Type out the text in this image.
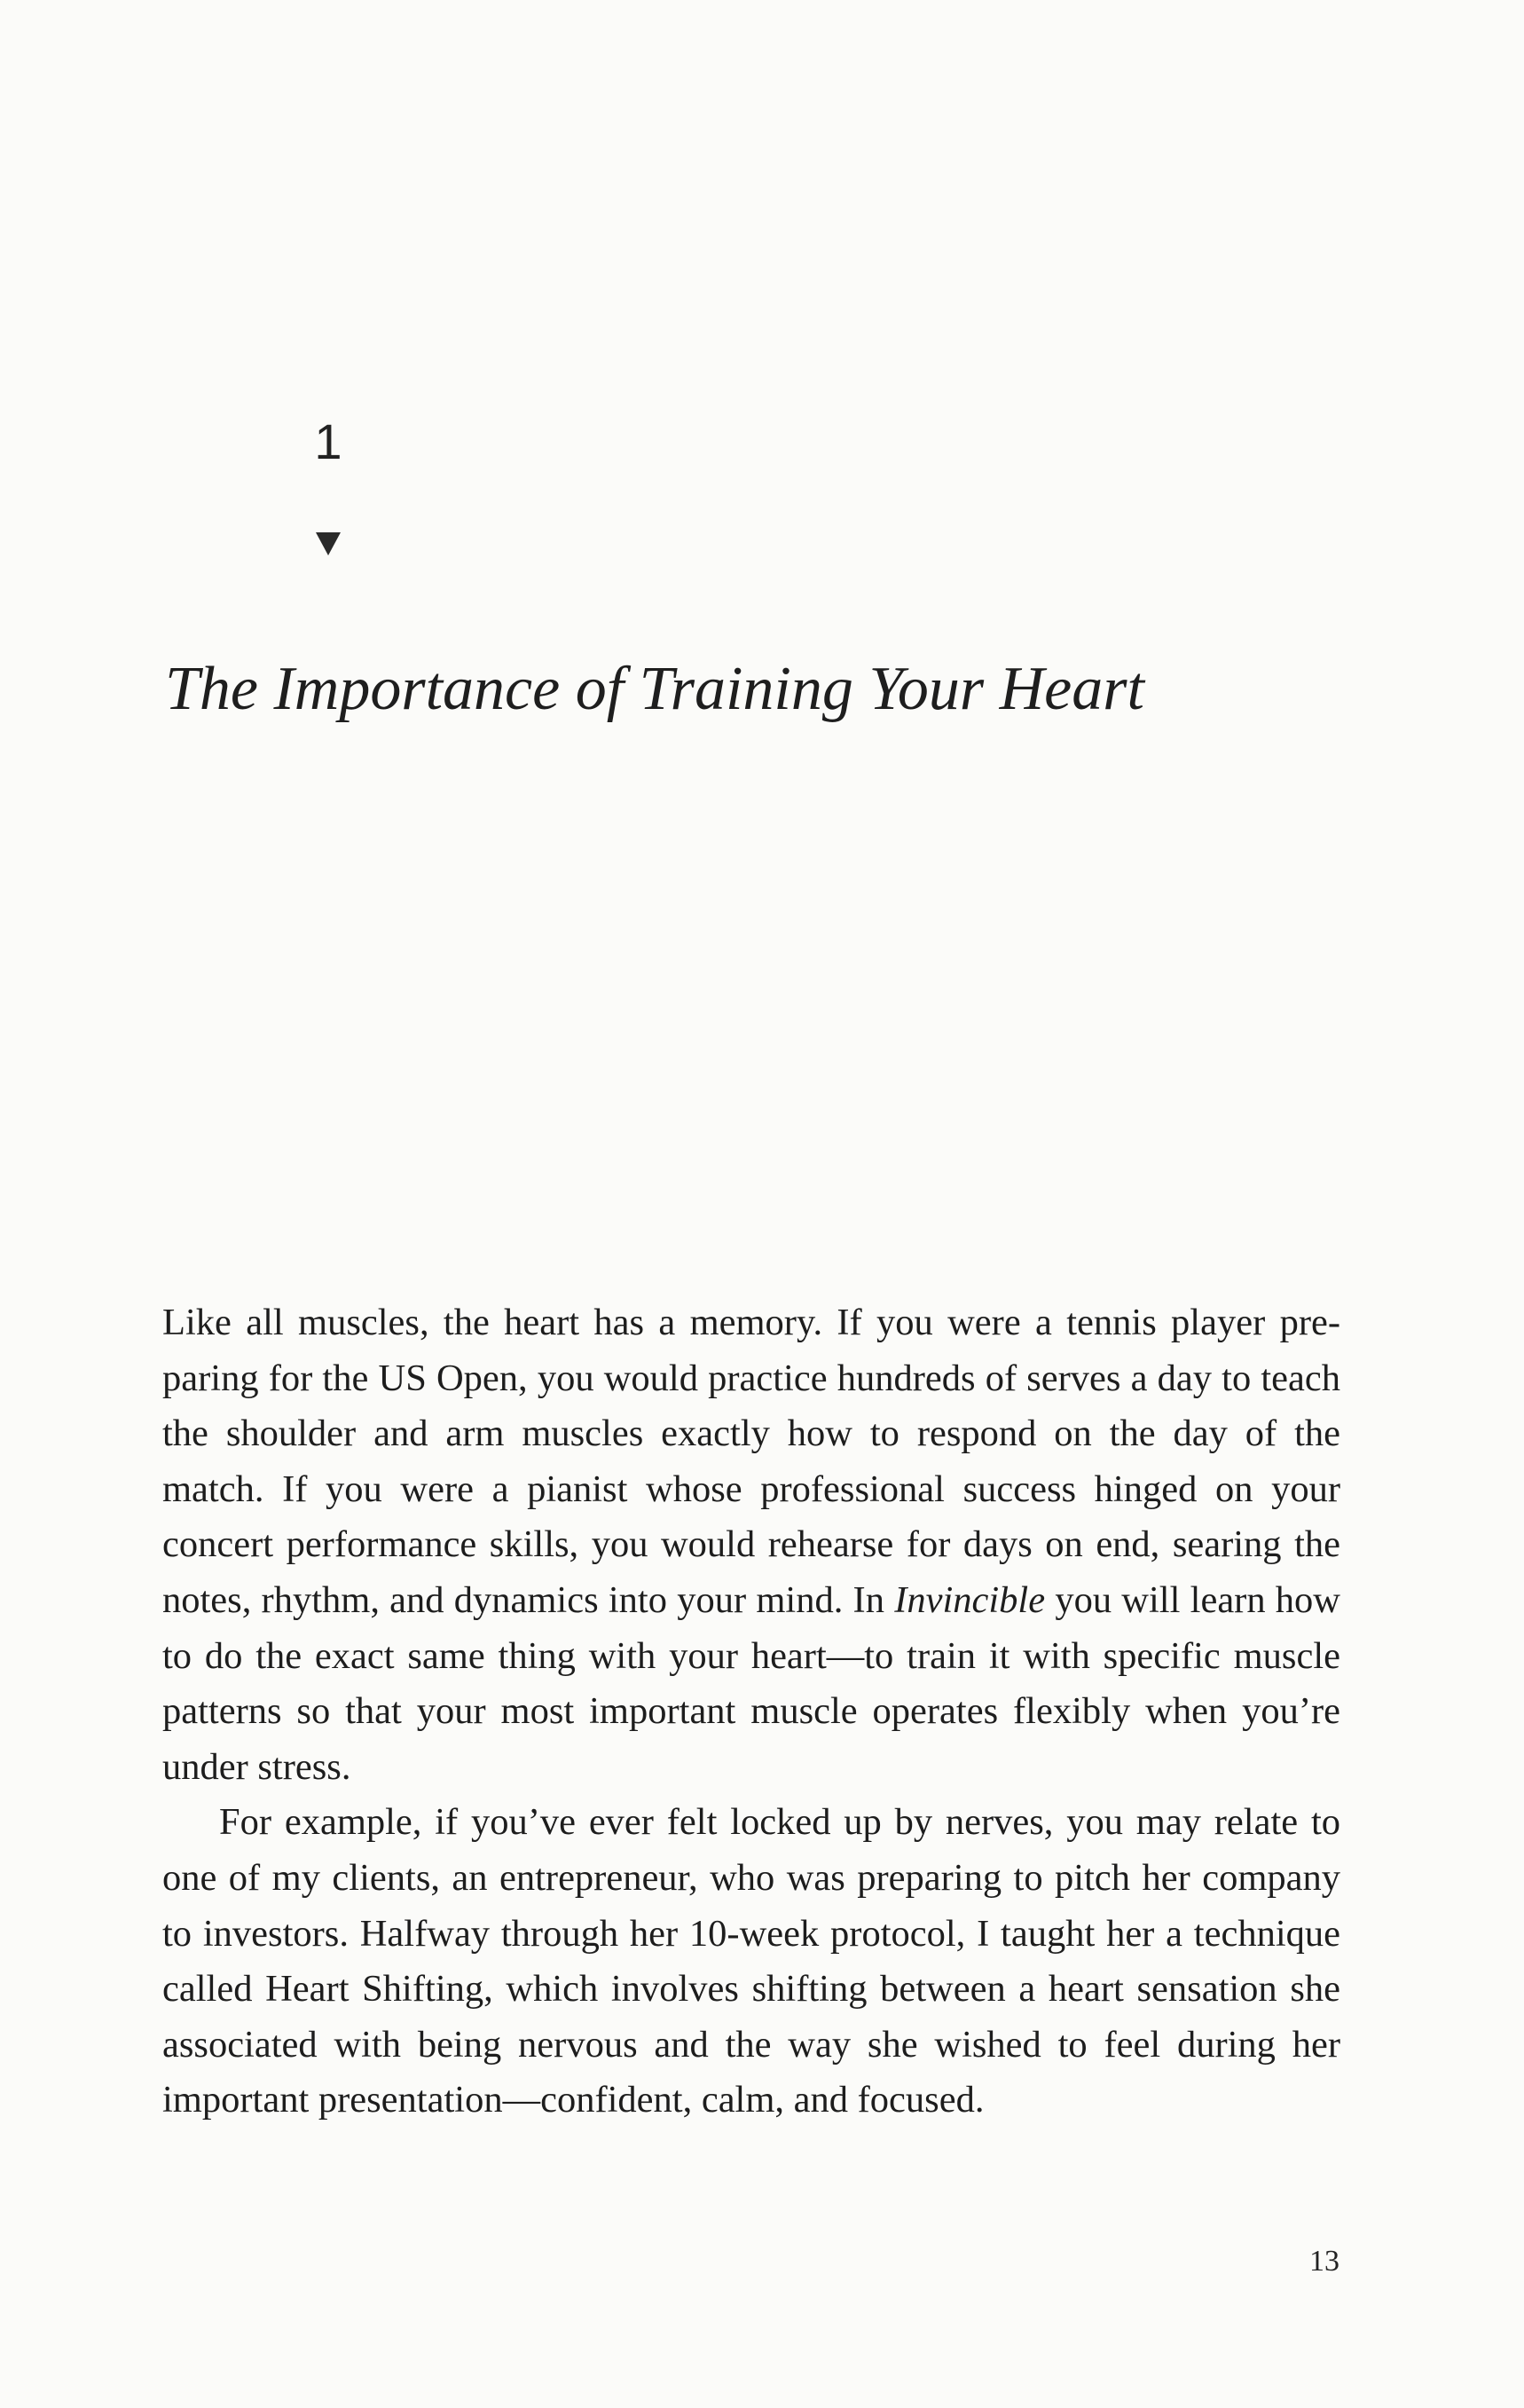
1
The Importance of Training Your Heart

Like all muscles, the heart has a memory. If you were a tennis player preparing for the US Open, you would practice hundreds of serves a day to teach the shoulder and arm muscles exactly how to respond on the day of the match. If you were a pianist whose professional success hinged on your concert performance skills, you would rehearse for days on end, searing the notes, rhythm, and dynamics into your mind. In Invincible you will learn how to do the exact same thing with your heart—to train it with specific muscle patterns so that your most important muscle operates flexibly when you’re under stress.

For example, if you’ve ever felt locked up by nerves, you may relate to one of my clients, an entrepreneur, who was preparing to pitch her company to investors. Halfway through her 10-week protocol, I taught her a technique called Heart Shifting, which involves shifting between a heart sensation she associated with being nervous and the way she wished to feel during her important presentation—confident, calm, and focused.

13
